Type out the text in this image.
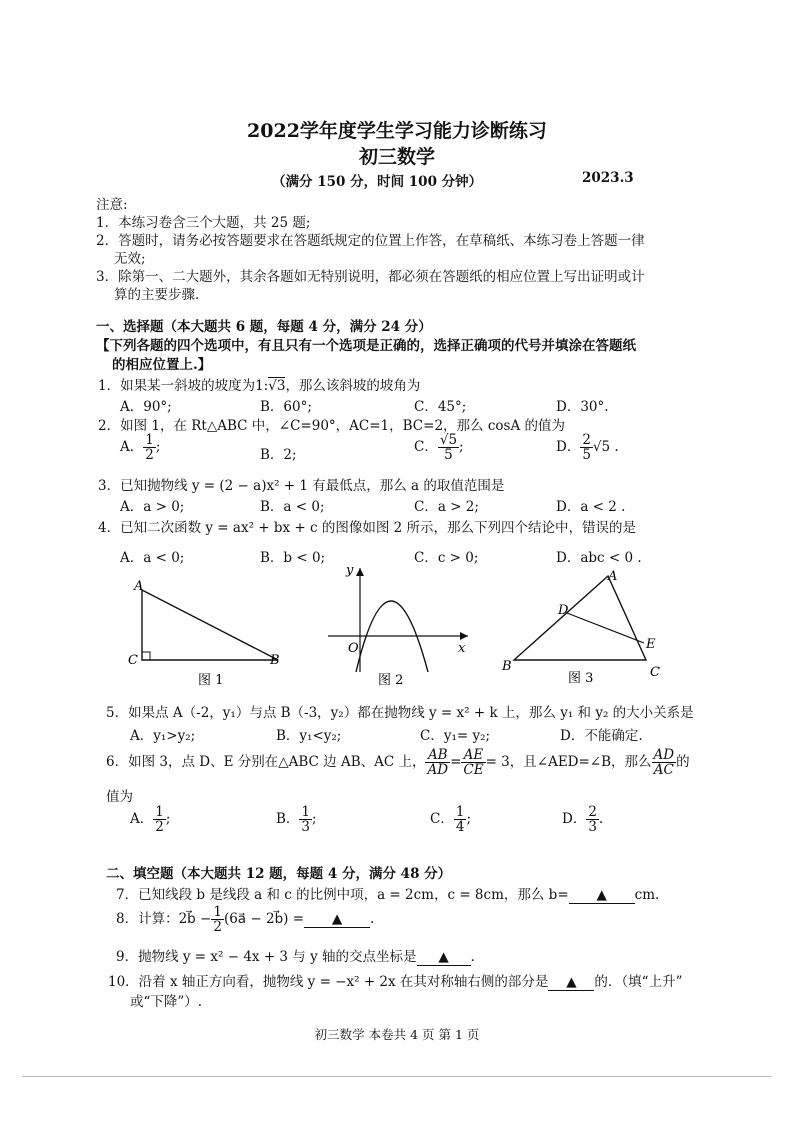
2022学年度学生学习能力诊断练习
初三数学
（满分 150 分，时间 100 分钟）	2023.3
注意:
1．本练习卷含三个大题，共 25 题;
2．答题时，请务必按答题要求在答题纸规定的位置上作答，在草稿纸、本练习卷上答题一律
无效;
3．除第一、二大题外，其余各题如无特别说明，都必须在答题纸的相应位置上写出证明或计
算的主要步骤.
一、选择题（本大题共 6 题，每题 4 分，满分 24 分）
【下列各题的四个选项中，有且只有一个选项是正确的，选择正确项的代号并填涂在答题纸
的相应位置上.】
1．如果某一斜坡的坡度为1:√3，那么该斜坡的坡角为
A．90°;	B．60°;	C．45°;	D．30°.
2．如图 1，在 Rt△ABC 中，∠C=90°，AC=1，BC=2，那么 cosA 的值为
A． $\frac{1}{2}$ ;	B．2;	C． $\frac{√5}{5}$ ;	D． $\frac{2}{5} √5$ .
3．已知抛物线 y = (2 − a)x² + 1 有最低点，那么 a 的取值范围是
A．a > 0;	B．a < 0;	C．a > 2;	D．a < 2 .
4．已知二次函数 y = ax² + bx + c 的图像如图 2 所示，那么下列四个结论中，错误的是
A．a < 0;	B．b < 0;	C．c > 0;	D．abc < 0 .
A
C	B
图 1
y
O	x
图 2
A
D
E
B	C
图 3
5．如果点 A（-2，y₁）与点 B（-3，y₂）都在抛物线 y = x² + k 上，那么 y₁ 和 y₂ 的大小关系是
A．y₁>y₂;	B．y₁<y₂;	C．y₁= y₂;	D．不能确定.
6．如图 3，点 D、E 分别在△ABC 边 AB、AC 上， $\frac{AB}{AD} = \frac{AE}{CE} = 3$，且∠AED=∠B，那么 $\frac{AD}{AC}$ 的
值为
A． $\frac{1}{2}$ ;	B． $\frac{1}{3}$ ;	C． $\frac{1}{4}$ ;	D． $\frac{2}{3}$ .
二、填空题（本大题共 12 题，每题 4 分，满分 48 分）
7．已知线段 b 是线段 a 和 c 的比例中项，a = 2cm，c = 8cm，那么 b= ▲ cm.
8．计算：2b⃗ − $\frac{1}{2}$ (6a⃗ − 2b⃗) = ▲ .
9．抛物线 y = x² − 4x + 3 与 y 轴的交点坐标是 ▲ .
10．沿着 x 轴正方向看，抛物线 y = −x² + 2x 在其对称轴右侧的部分是 ▲ 的．（填“上升”
或“下降”）.
初三数学 本卷共 4 页 第 1 页
